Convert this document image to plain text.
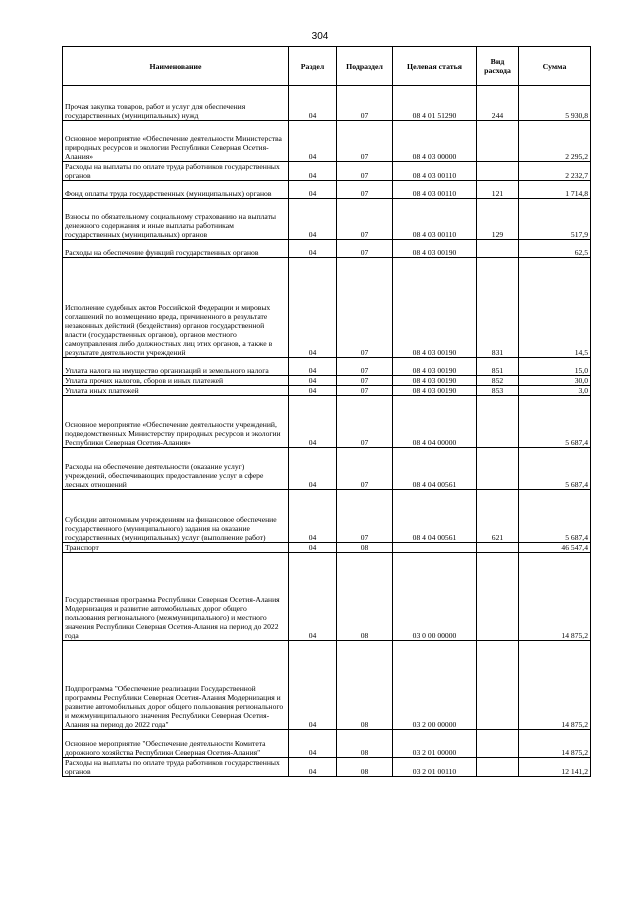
304
Наименование	Раздел	Подраздел	Целевая статья	Вид расхода	Сумма
Прочая закупка товаров, работ и услуг для обеспечения государственных (муниципальных) нужд	04	07	08 4 01 51290	244	5 930,8
Основное мероприятие «Обеспечение деятельности Министерства природных ресурсов и экологии Республики Северная Осетия-Алания»	04	07	08 4 03 00000		2 295,2
Расходы на выплаты по оплате труда работников государственных органов	04	07	08 4 03 00110		2 232,7
Фонд оплаты труда государственных (муниципальных) органов	04	07	08 4 03 00110	121	1 714,8
Взносы по обязательному социальному страхованию на выплаты денежного содержания и иные выплаты работникам государственных (муниципальных) органов	04	07	08 4 03 00110	129	517,9
Расходы на обеспечение функций государственных органов	04	07	08 4 03 00190		62,5
Исполнение судебных актов Российской Федерации и мировых соглашений по возмещению вреда, причиненного в результате незаконных действий (бездействия) органов государственной власти (государственных органов), органов местного самоуправления либо должностных лиц этих органов, а также в результате деятельности учреждений	04	07	08 4 03 00190	831	14,5
Уплата налога на имущество организаций и земельного налога	04	07	08 4 03 00190	851	15,0
Уплата прочих налогов, сборов и иных платежей	04	07	08 4 03 00190	852	30,0
Уплата иных платежей	04	07	08 4 03 00190	853	3,0
Основное мероприятие «Обеспечение деятельности учреждений, подведомственных Министерству природных ресурсов и экологии Республики Северная Осетия-Алания»	04	07	08 4 04 00000		5 687,4
Расходы на обеспечение деятельности (оказание услуг) учреждений, обеспечивающих предоставление услуг в сфере лесных отношений	04	07	08 4 04 00561		5 687,4
Субсидии автономным учреждениям на финансовое обеспечение государственного (муниципального) задания на оказание государственных (муниципальных) услуг (выполнение работ)	04	07	08 4 04 00561	621	5 687,4
Транспорт	04	08			46 547,4
Государственная программа Республики Северная Осетия-Алания Модернизация и развитие автомобильных дорог общего пользования регионального (межмуниципального) и местного значения Республики Северная Осетия-Алания на период до 2022 года	04	08	03 0 00 00000		14 875,2
Подпрограмма "Обеспечение реализации Государственной программы Республики Северная Осетия-Алания Модернизация и развитие автомобильных дорог общего пользования регионального и межмуниципального значения Республики Северная Осетия-Алания на период до 2022 года"	04	08	03 2 00 00000		14 875,2
Основное мероприятие "Обеспечение деятельности Комитета дорожного хозяйства Республики Северная Осетия-Алания"	04	08	03 2 01 00000		14 875,2
Расходы на выплаты по оплате труда работников государственных органов	04	08	03 2 01 00110		12 141,2
